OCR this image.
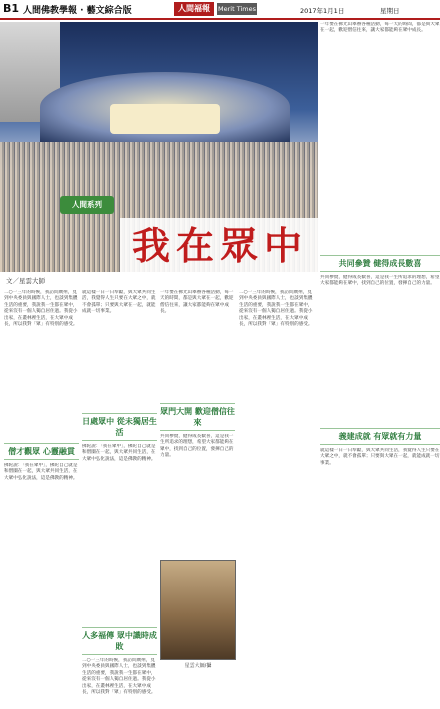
B1 人間佛教學報 · 藝文綜合版	人間福報	Merit Times	2017年1月1日	星期日
人間系列
我在眾中
一年要在佛光山舉辦各種活動，每一天的時間，都是與大眾在一起，歡迎僧信往來，讓大家都能夠在眾中成長。
共同參贊 健得成長數喜
共同參贊，健得成長數喜，這是我一生所追求的理想，希望大家都能夠在眾中，找到自己的位置，發揮自己的力量。
義建成就 有眾就有力量
就這樣一日一日奉獻，與大眾共同生活，我覺得人生只要在大眾之中，就不會孤單；只要與大眾在一起，就能成就一切事業。
文／星雲大師
二○一三年的時候，我訪問廣州，見到中央委員與國際人士，也談到集體生活的重要，我說我一生都在眾中，從來沒有一個人獨自居住過。我從小出家，在叢林裡生活，在大眾中成長，所以我對「眾」有特別的感受。
僧才觀眾 心靈融貫
佛陀說：「我在眾中」，佛陀自己就是和僧團在一起，與大眾共同生活，在大眾中弘化說法，這是佛教的精神。
就這樣一日一日奉獻，與大眾共同生活，我覺得人生只要在大眾之中，就不會孤單；只要與大眾在一起，就能成就一切事業。
日處眾中 從未獨居生活
佛陀說：「我在眾中」，佛陀自己就是和僧團在一起，與大眾共同生活，在大眾中弘化說法，這是佛教的精神。
人多福傳 眾中識時成敗
二○一三年的時候，我訪問廣州，見到中央委員與國際人士，也談到集體生活的重要，我說我一生都在眾中，從來沒有一個人獨自居住過。我從小出家，在叢林裡生活，在大眾中成長，所以我對「眾」有特別的感受。
一年要在佛光山舉辦各種活動，每一天的時間，都是與大眾在一起，歡迎僧信往來，讓大家都能夠在眾中成長。
眾門大開 歡迎僧信往來
共同參贊，健得成長數喜，這是我一生所追求的理想，希望大家都能夠在眾中，找到自己的位置，發揮自己的力量。
二○一三年的時候，我訪問廣州，見到中央委員與國際人士，也談到集體生活的重要，我說我一生都在眾中，從來沒有一個人獨自居住過。我從小出家，在叢林裡生活，在大眾中成長，所以我對「眾」有特別的感受。
星雲大師/攝
